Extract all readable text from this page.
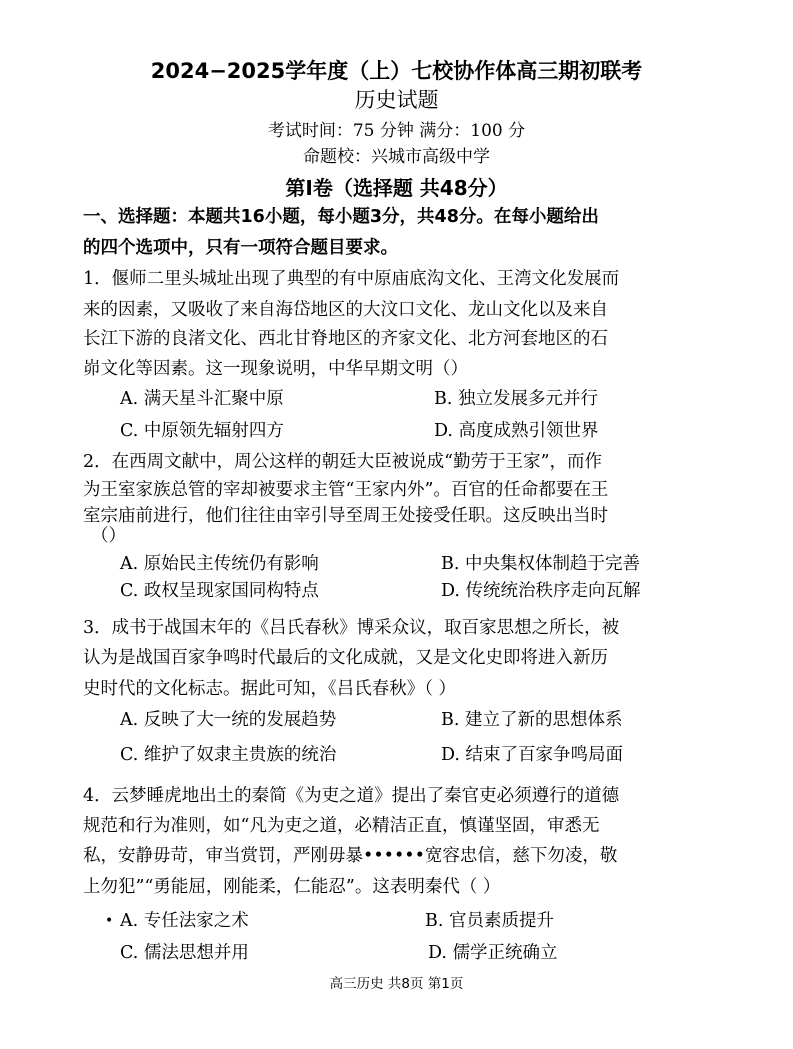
2024−2025学年度（上）七校协作体高三期初联考
历史试题
考试时间：75 分钟 满分：100 分
命题校：兴城市高级中学
第Ⅰ卷（选择题 共48分）
一、选择题：本题共16小题，每小题3分，共48分。在每小题给出
的四个选项中，只有一项符合题目要求。
1．偃师二里头城址出现了典型的有中原庙底沟文化、王湾文化发展而
来的因素，又吸收了来自海岱地区的大汶口文化、龙山文化以及来自
长江下游的良渚文化、西北甘脊地区的齐家文化、北方河套地区的石
峁文化等因素。这一现象说明，中华早期文明（）
A. 满天星斗汇聚中原	B. 独立发展多元并行
C. 中原领先辐射四方	D. 高度成熟引领世界
2．在西周文献中，周公这样的朝廷大臣被说成“勤劳于王家”，而作
为王室家族总管的宰却被要求主管“王家内外”。百官的任命都要在王
室宗庙前进行，他们往往由宰引导至周王处接受任职。这反映出当时
（）
A. 原始民主传统仍有影响	B. 中央集权体制趋于完善
C. 政权呈现家国同构特点	D. 传统统治秩序走向瓦解
3．成书于战国末年的《吕氏春秋》博采众议，取百家思想之所长，被
认为是战国百家争鸣时代最后的文化成就，又是文化史即将进入新历
史时代的文化标志。据此可知，《吕氏春秋》（ ）
A. 反映了大一统的发展趋势	B. 建立了新的思想体系
C. 维护了奴隶主贵族的统治	D. 结束了百家争鸣局面
4．云梦睡虎地出土的秦简《为吏之道》提出了秦官吏必须遵行的道德
规范和行为准则，如“凡为吏之道，必精洁正直，慎谨坚固，审悉无
私，安静毋苛，审当赏罚，严刚毋暴••••••宽容忠信，慈下勿凌，敬
上勿犯”“勇能屈，刚能柔，仁能忍”。这表明秦代（ ）
• A. 专任法家之术	B. 官员素质提升
C. 儒法思想并用	D. 儒学正统确立
高三历史 共8页 第1页
